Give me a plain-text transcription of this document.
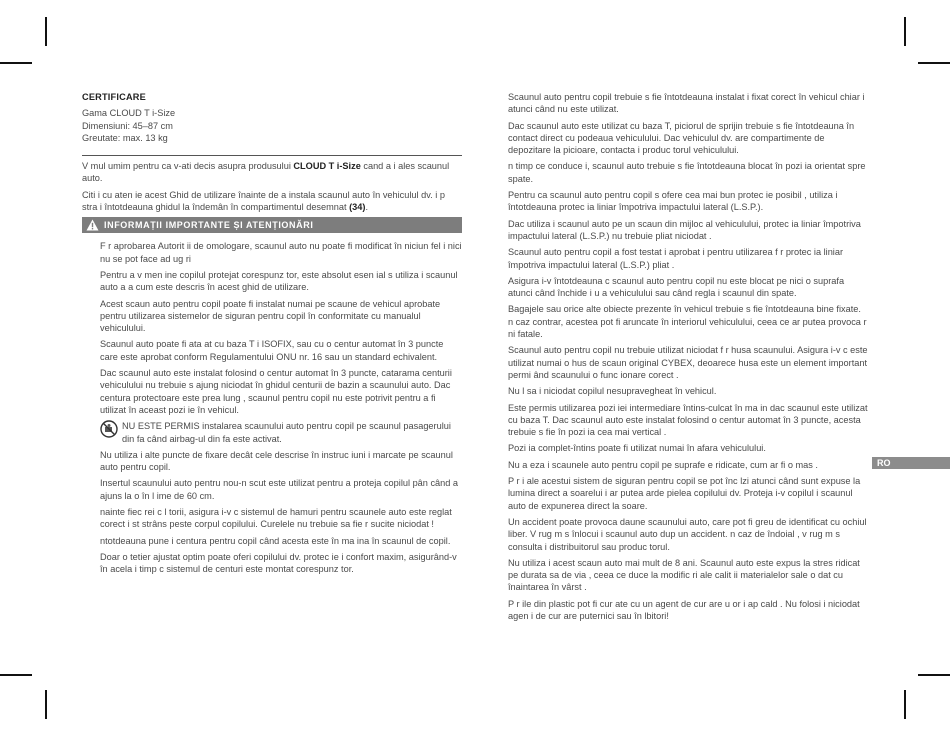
CERTIFICARE

Gama CLOUD T i-Size

Dimensiuni: 45–87 cm

Greutate: max. 13 kg

V mul umim pentru ca v-ati decis asupra produsului CLOUD T i-Size cand a i ales scaunul auto.

Citi i cu aten ie acest Ghid de utilizare înainte de a instala scaunul auto în vehiculul dv. i p stra i întotdeauna ghidul la îndemân în compartimentul desemnat (34).

INFORMAȚII IMPORTANTE ȘI ATENȚIONĂRI

F r aprobarea Autorit ii de omologare, scaunul auto nu poate fi modificat în niciun fel i nici nu se pot face ad ug ri

Pentru a v men ine copilul protejat corespunz tor, este absolut esen ial s utiliza i scaunul auto a a cum este descris în acest ghid de utilizare.

Acest scaun auto pentru copil poate fi instalat numai pe scaune de vehicul aprobate pentru utilizarea sistemelor de siguran pentru copil în conformitate cu manualul vehiculului.

Scaunul auto poate fi ata at cu baza T i ISOFIX, sau cu o centur automat în 3 puncte care este aprobat conform Regulamentului ONU nr. 16 sau un standard echivalent.

Dac scaunul auto este instalat folosind o centur automat în 3 puncte, catarama centurii vehiculului nu trebuie s ajung niciodat în ghidul centurii de bazin a scaunului auto. Dac centura protectoare este prea lung , scaunul pentru copil nu este potrivit pentru a fi utilizat în aceast pozi ie în vehicul.

NU ESTE PERMIS instalarea scaunului auto pentru copil pe scaunul pasagerului din fa când airbag-ul din fa este activat.

Nu utiliza i alte puncte de fixare decât cele descrise în instruc iuni i marcate pe scaunul auto pentru copil.

Insertul scaunului auto pentru nou-n scut este utilizat pentru a proteja copilul pân când a ajuns la o în l ime de 60 cm.

nainte fiec rei c l torii, asigura i-v c sistemul de hamuri pentru scaunele auto este reglat corect i st strâns peste corpul copilului. Curelele nu trebuie sa fie r sucite niciodat !

ntotdeauna pune i centura pentru copil când acesta este în ma ina în scaunul de copil.

Doar o tetier ajustat optim poate oferi copilului dv. protec ie i confort maxim, asigurând-v în acela i timp c sistemul de centuri este montat corespunz tor.

Scaunul auto pentru copil trebuie s fie întotdeauna instalat i fixat corect în vehicul chiar i atunci când nu este utilizat.

Dac scaunul auto este utilizat cu baza T, piciorul de sprijin trebuie s fie întotdeauna în contact direct cu podeaua vehiculului. Dac vehiculul dv. are compartimente de depozitare la picioare, contacta i produc torul vehiculului.

n timp ce conduce i, scaunul auto trebuie s fie întotdeauna blocat în pozi ia orientat spre spate.

Pentru ca scaunul auto pentru copil s ofere cea mai bun protec ie posibil , utiliza i întotdeauna protec ia liniar împotriva impactului lateral (L.S.P.).

Dac utiliza i scaunul auto pe un scaun din mijloc al vehiculului, protec ia liniar împotriva impactului lateral (L.S.P.) nu trebuie pliat niciodat .

Scaunul auto pentru copil a fost testat i aprobat i pentru utilizarea f r protec ia liniar împotriva impactului lateral (L.S.P.) pliat .

Asigura i-v întotdeauna c scaunul auto pentru copil nu este blocat pe nici o suprafa atunci când închide i u a vehiculului sau când regla i scaunul din spate.

Bagajele sau orice alte obiecte prezente în vehicul trebuie s fie întotdeauna bine fixate. n caz contrar, acestea pot fi aruncate în interiorul vehiculului, ceea ce ar putea provoca r ni fatale.

Scaunul auto pentru copil nu trebuie utilizat niciodat f r husa scaunului. Asigura i-v c este utilizat numai o hus de scaun original CYBEX, deoarece husa este un element important permi ând scaunului o func ionare corect .

Nu l sa i niciodat copilul nesupravegheat în vehicul.

Este permis utilizarea pozi iei intermediare întins-culcat în ma in dac scaunul este utilizat cu baza T. Dac scaunul auto este instalat folosind o centur automat în 3 puncte, acesta trebuie s fie în pozi ia cea mai vertical .

Pozi ia complet-întins poate fi utilizat numai în afara vehiculului.

Nu a eza i scaunele auto pentru copil pe suprafe e ridicate, cum ar fi o mas .

P r i ale acestui sistem de siguran pentru copil se pot înc lzi atunci când sunt expuse la lumina direct a soarelui i ar putea arde pielea copilului dv. Proteja i-v copilul i scaunul auto de expunerea direct la soare.

Un accident poate provoca daune scaunului auto, care pot fi greu de identificat cu ochiul liber. V rug m s înlocui i scaunul auto dup un accident. n caz de îndoial , v rug m s consulta i distribuitorul sau produc torul.

Nu utiliza i acest scaun auto mai mult de 8 ani. Scaunul auto este expus la stres ridicat pe durata sa de via , ceea ce duce la modific ri ale calit ii materialelor sale o dat cu înaintarea în vârst .

P r ile din plastic pot fi cur ate cu un agent de cur are u or i ap cald . Nu folosi i niciodat agen i de cur are puternici sau în lbitori!

RO
